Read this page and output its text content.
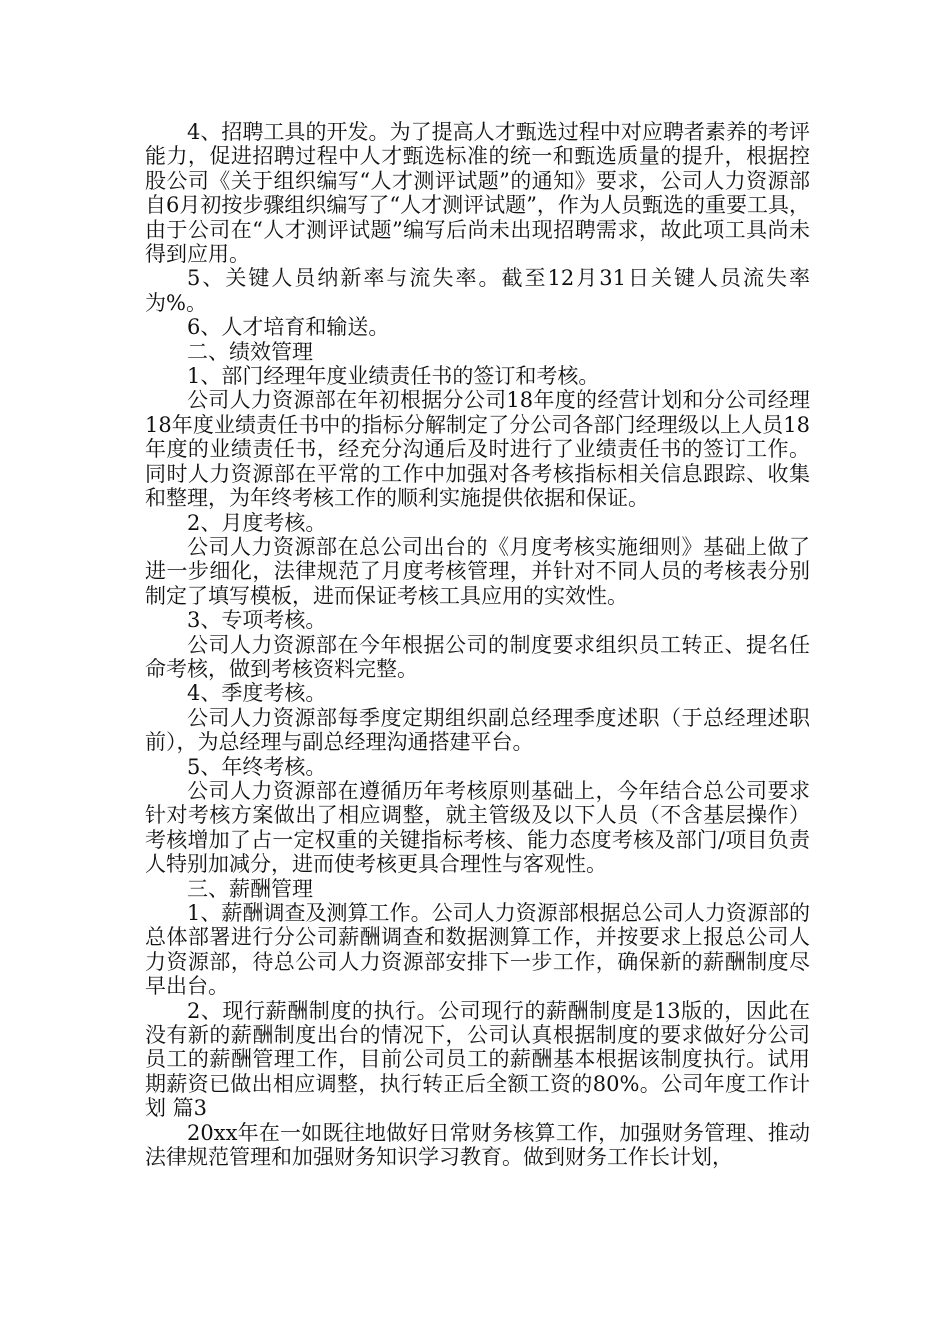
4、招聘工具的开发。为了提高人才甄选过程中对应聘者素养的考评能力，促进招聘过程中人才甄选标准的统一和甄选质量的提升，根据控股公司《关于组织编写“人才测评试题”的通知》要求，公司人力资源部自6月初按步骤组织编写了“人才测评试题”，作为人员甄选的重要工具，由于公司在“人才测评试题”编写后尚未出现招聘需求，故此项工具尚未得到应用。

5、关键人员纳新率与流失率。截至12月31日关键人员流失率为%。

6、人才培育和输送。

二、绩效管理

1、部门经理年度业绩责任书的签订和考核。

公司人力资源部在年初根据分公司18年度的经营计划和分公司经理18年度业绩责任书中的指标分解制定了分公司各部门经理级以上人员18年度的业绩责任书，经充分沟通后及时进行了业绩责任书的签订工作。同时人力资源部在平常的工作中加强对各考核指标相关信息跟踪、收集和整理，为年终考核工作的顺利实施提供依据和保证。

2、月度考核。

公司人力资源部在总公司出台的《月度考核实施细则》基础上做了进一步细化，法律规范了月度考核管理，并针对不同人员的考核表分别制定了填写模板，进而保证考核工具应用的实效性。

3、专项考核。

公司人力资源部在今年根据公司的制度要求组织员工转正、提名任命考核，做到考核资料完整。

4、季度考核。

公司人力资源部每季度定期组织副总经理季度述职（于总经理述职前），为总经理与副总经理沟通搭建平台。

5、年终考核。

公司人力资源部在遵循历年考核原则基础上，今年结合总公司要求针对考核方案做出了相应调整，就主管级及以下人员（不含基层操作）考核增加了占一定权重的关键指标考核、能力态度考核及部门/项目负责人特别加减分，进而使考核更具合理性与客观性。

三、薪酬管理

1、薪酬调查及测算工作。公司人力资源部根据总公司人力资源部的总体部署进行分公司薪酬调查和数据测算工作，并按要求上报总公司人力资源部，待总公司人力资源部安排下一步工作，确保新的薪酬制度尽早出台。

2、现行薪酬制度的执行。公司现行的薪酬制度是13版的，因此在没有新的薪酬制度出台的情况下，公司认真根据制度的要求做好分公司员工的薪酬管理工作，目前公司员工的薪酬基本根据该制度执行。试用期薪资已做出相应调整，执行转正后全额工资的80%。公司年度工作计划 篇3

20xx年在一如既往地做好日常财务核算工作，加强财务管理、推动法律规范管理和加强财务知识学习教育。做到财务工作长计划，
